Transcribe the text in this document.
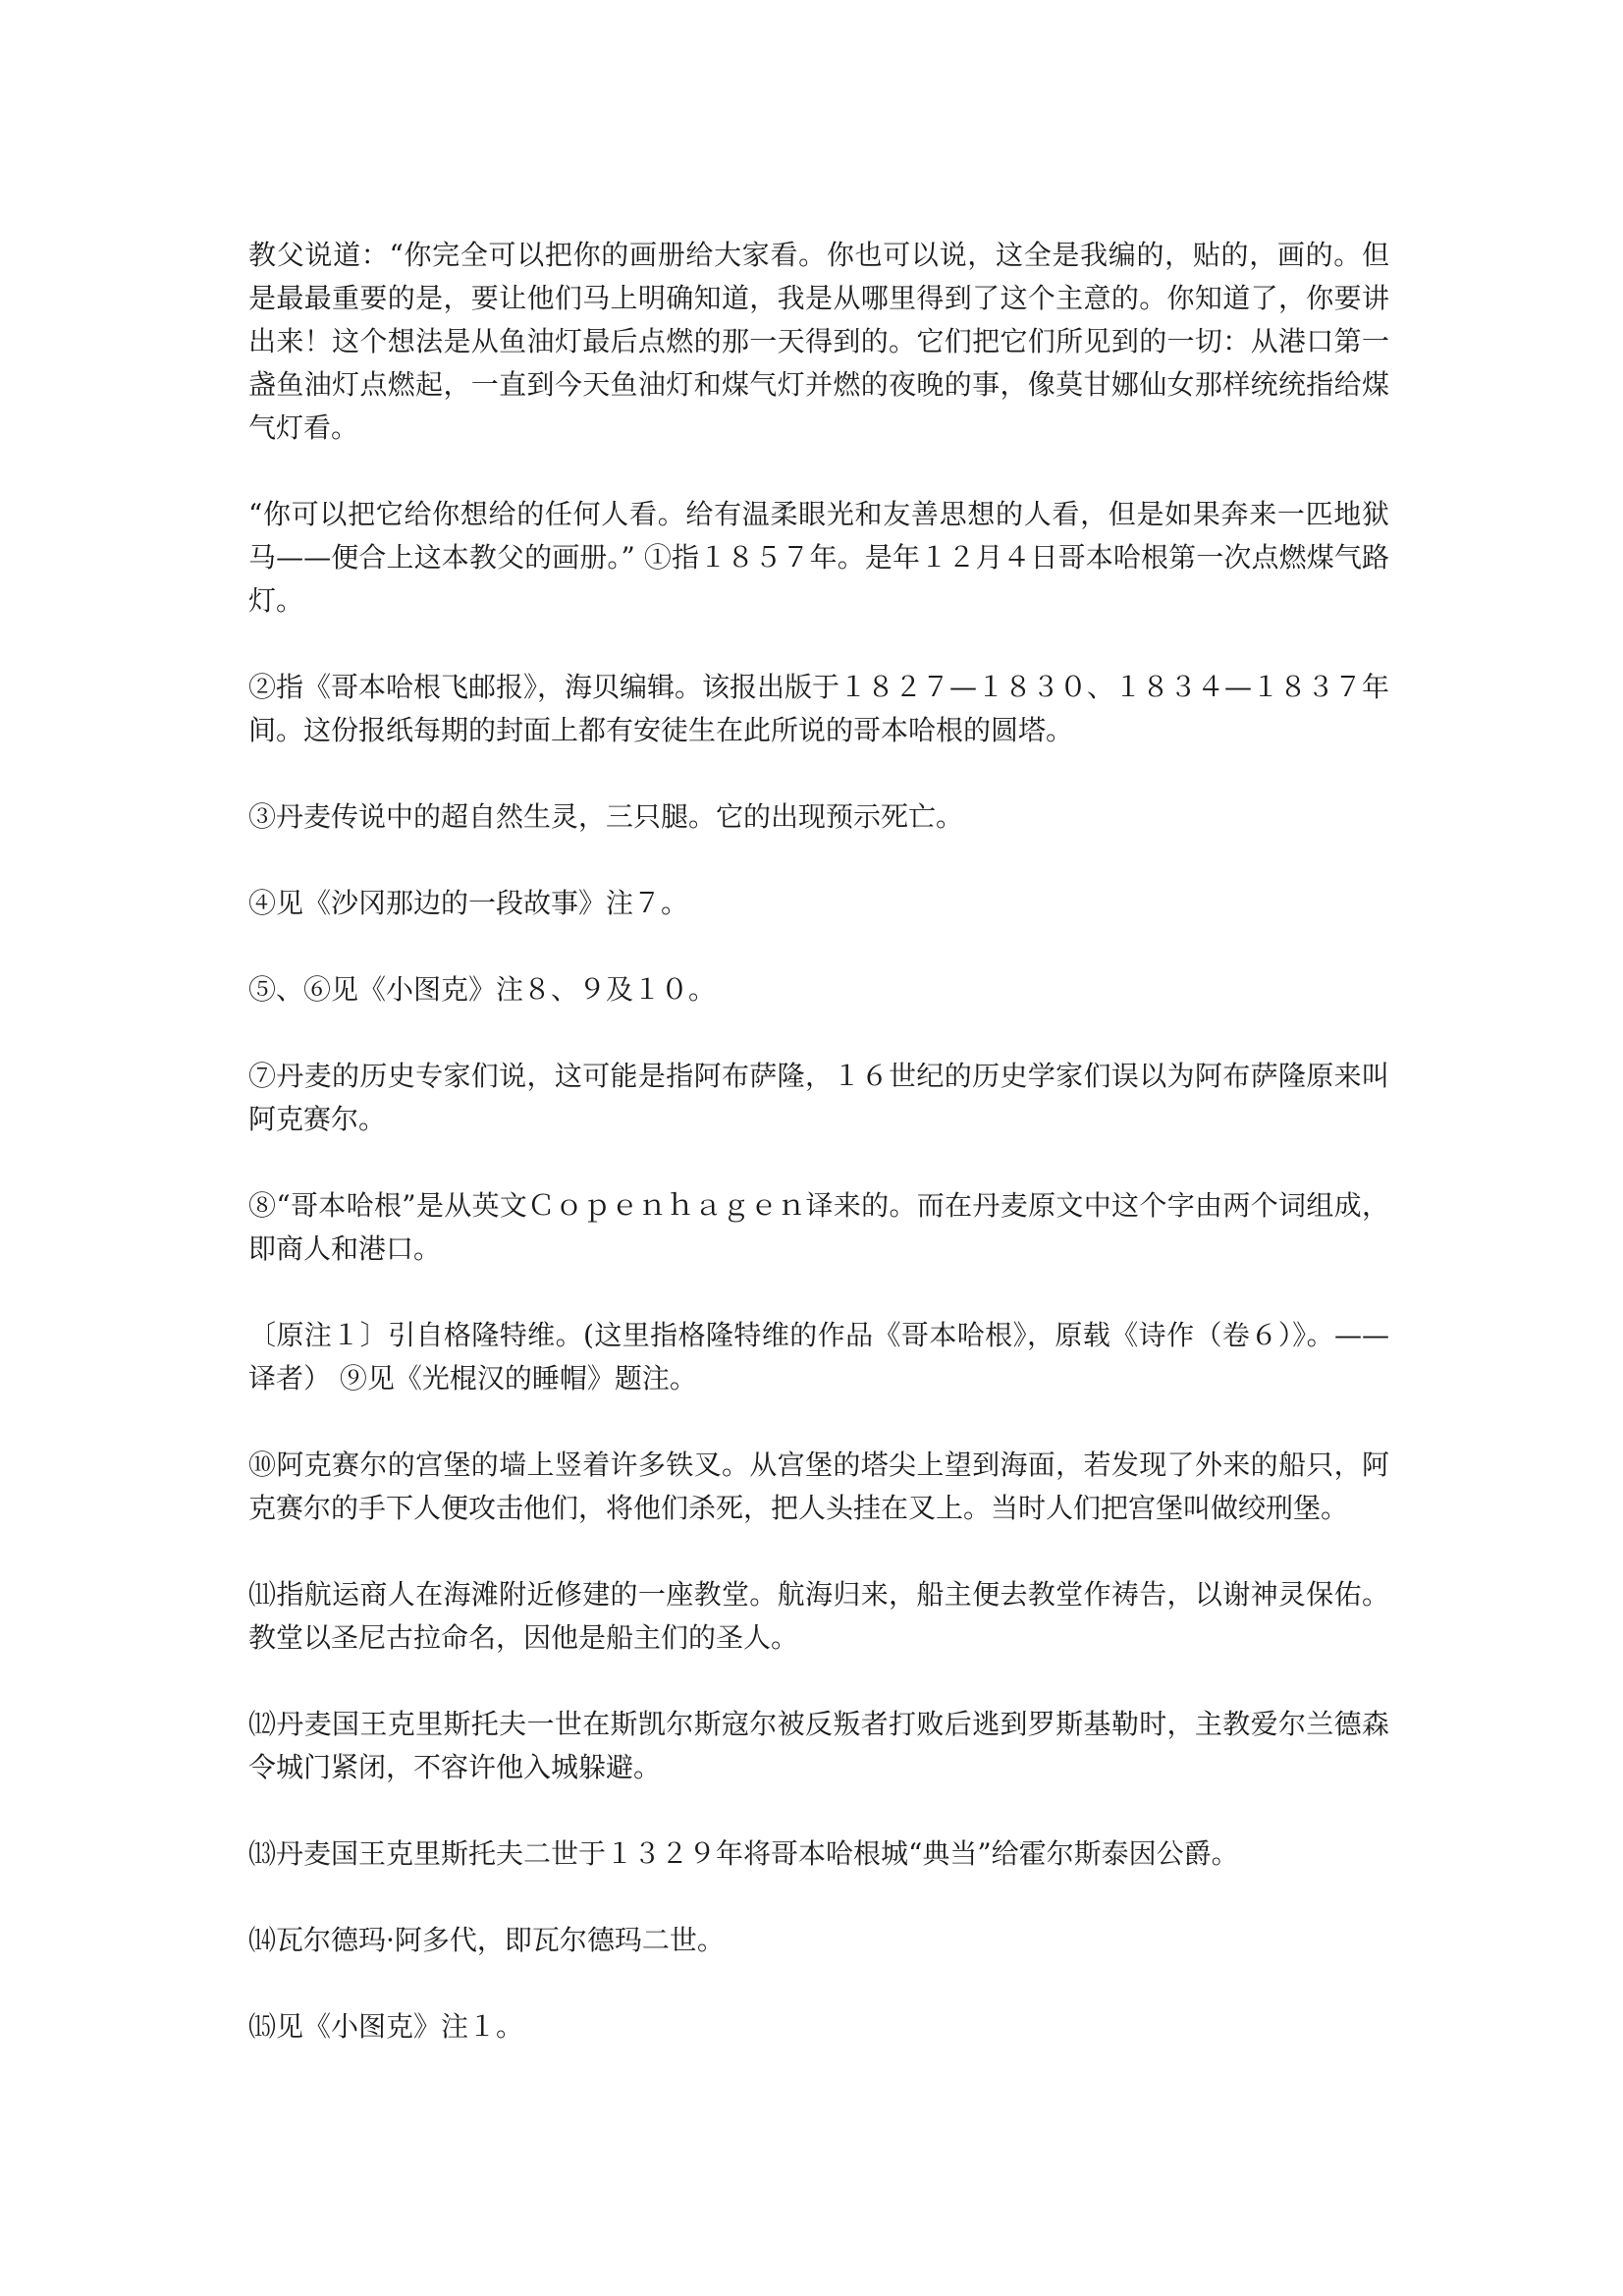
教父说道：“你完全可以把你的画册给大家看。你也可以说，这全是我编的，贴的，画的。但是最最重要的是，要让他们马上明确知道，我是从哪里得到了这个主意的。你知道了，你要讲出来！这个想法是从鱼油灯最后点燃的那一天得到的。它们把它们所见到的一切：从港口第一盏鱼油灯点燃起，一直到今天鱼油灯和煤气灯并燃的夜晚的事，像莫甘娜仙女那样统统指给煤气灯看。

“你可以把它给你想给的任何人看。给有温柔眼光和友善思想的人看，但是如果奔来一匹地狱马——便合上这本教父的画册。” ①指１８５７年。是年１２月４日哥本哈根第一次点燃煤气路灯。

②指《哥本哈根飞邮报》，海贝编辑。该报出版于１８２７—１８３０、１８３４—１８３７年间。这份报纸每期的封面上都有安徒生在此所说的哥本哈根的圆塔。

③丹麦传说中的超自然生灵，三只腿。它的出现预示死亡。

④见《沙冈那边的一段故事》注７。

⑤、⑥见《小图克》注８、９及１０。

⑦丹麦的历史专家们说，这可能是指阿布萨隆，１６世纪的历史学家们误以为阿布萨隆原来叫阿克赛尔。

⑧“哥本哈根”是从英文Ｃｏｐｅｎｈａｇｅｎ译来的。而在丹麦原文中这个字由两个词组成，即商人和港口。

〔原注１〕引自格隆特维。(这里指格隆特维的作品《哥本哈根》，原载《诗作（卷６）》。——译者） ⑨见《光棍汉的睡帽》题注。

⑩阿克赛尔的宫堡的墙上竖着许多铁叉。从宫堡的塔尖上望到海面，若发现了外来的船只，阿克赛尔的手下人便攻击他们，将他们杀死，把人头挂在叉上。当时人们把宫堡叫做绞刑堡。

⑾指航运商人在海滩附近修建的一座教堂。航海归来，船主便去教堂作祷告，以谢神灵保佑。教堂以圣尼古拉命名，因他是船主们的圣人。

⑿丹麦国王克里斯托夫一世在斯凯尔斯寇尔被反叛者打败后逃到罗斯基勒时，主教爱尔兰德森令城门紧闭，不容许他入城躲避。

⒀丹麦国王克里斯托夫二世于１３２９年将哥本哈根城“典当”给霍尔斯泰因公爵。

⒁瓦尔德玛·阿多代，即瓦尔德玛二世。

⒂见《小图克》注１。
